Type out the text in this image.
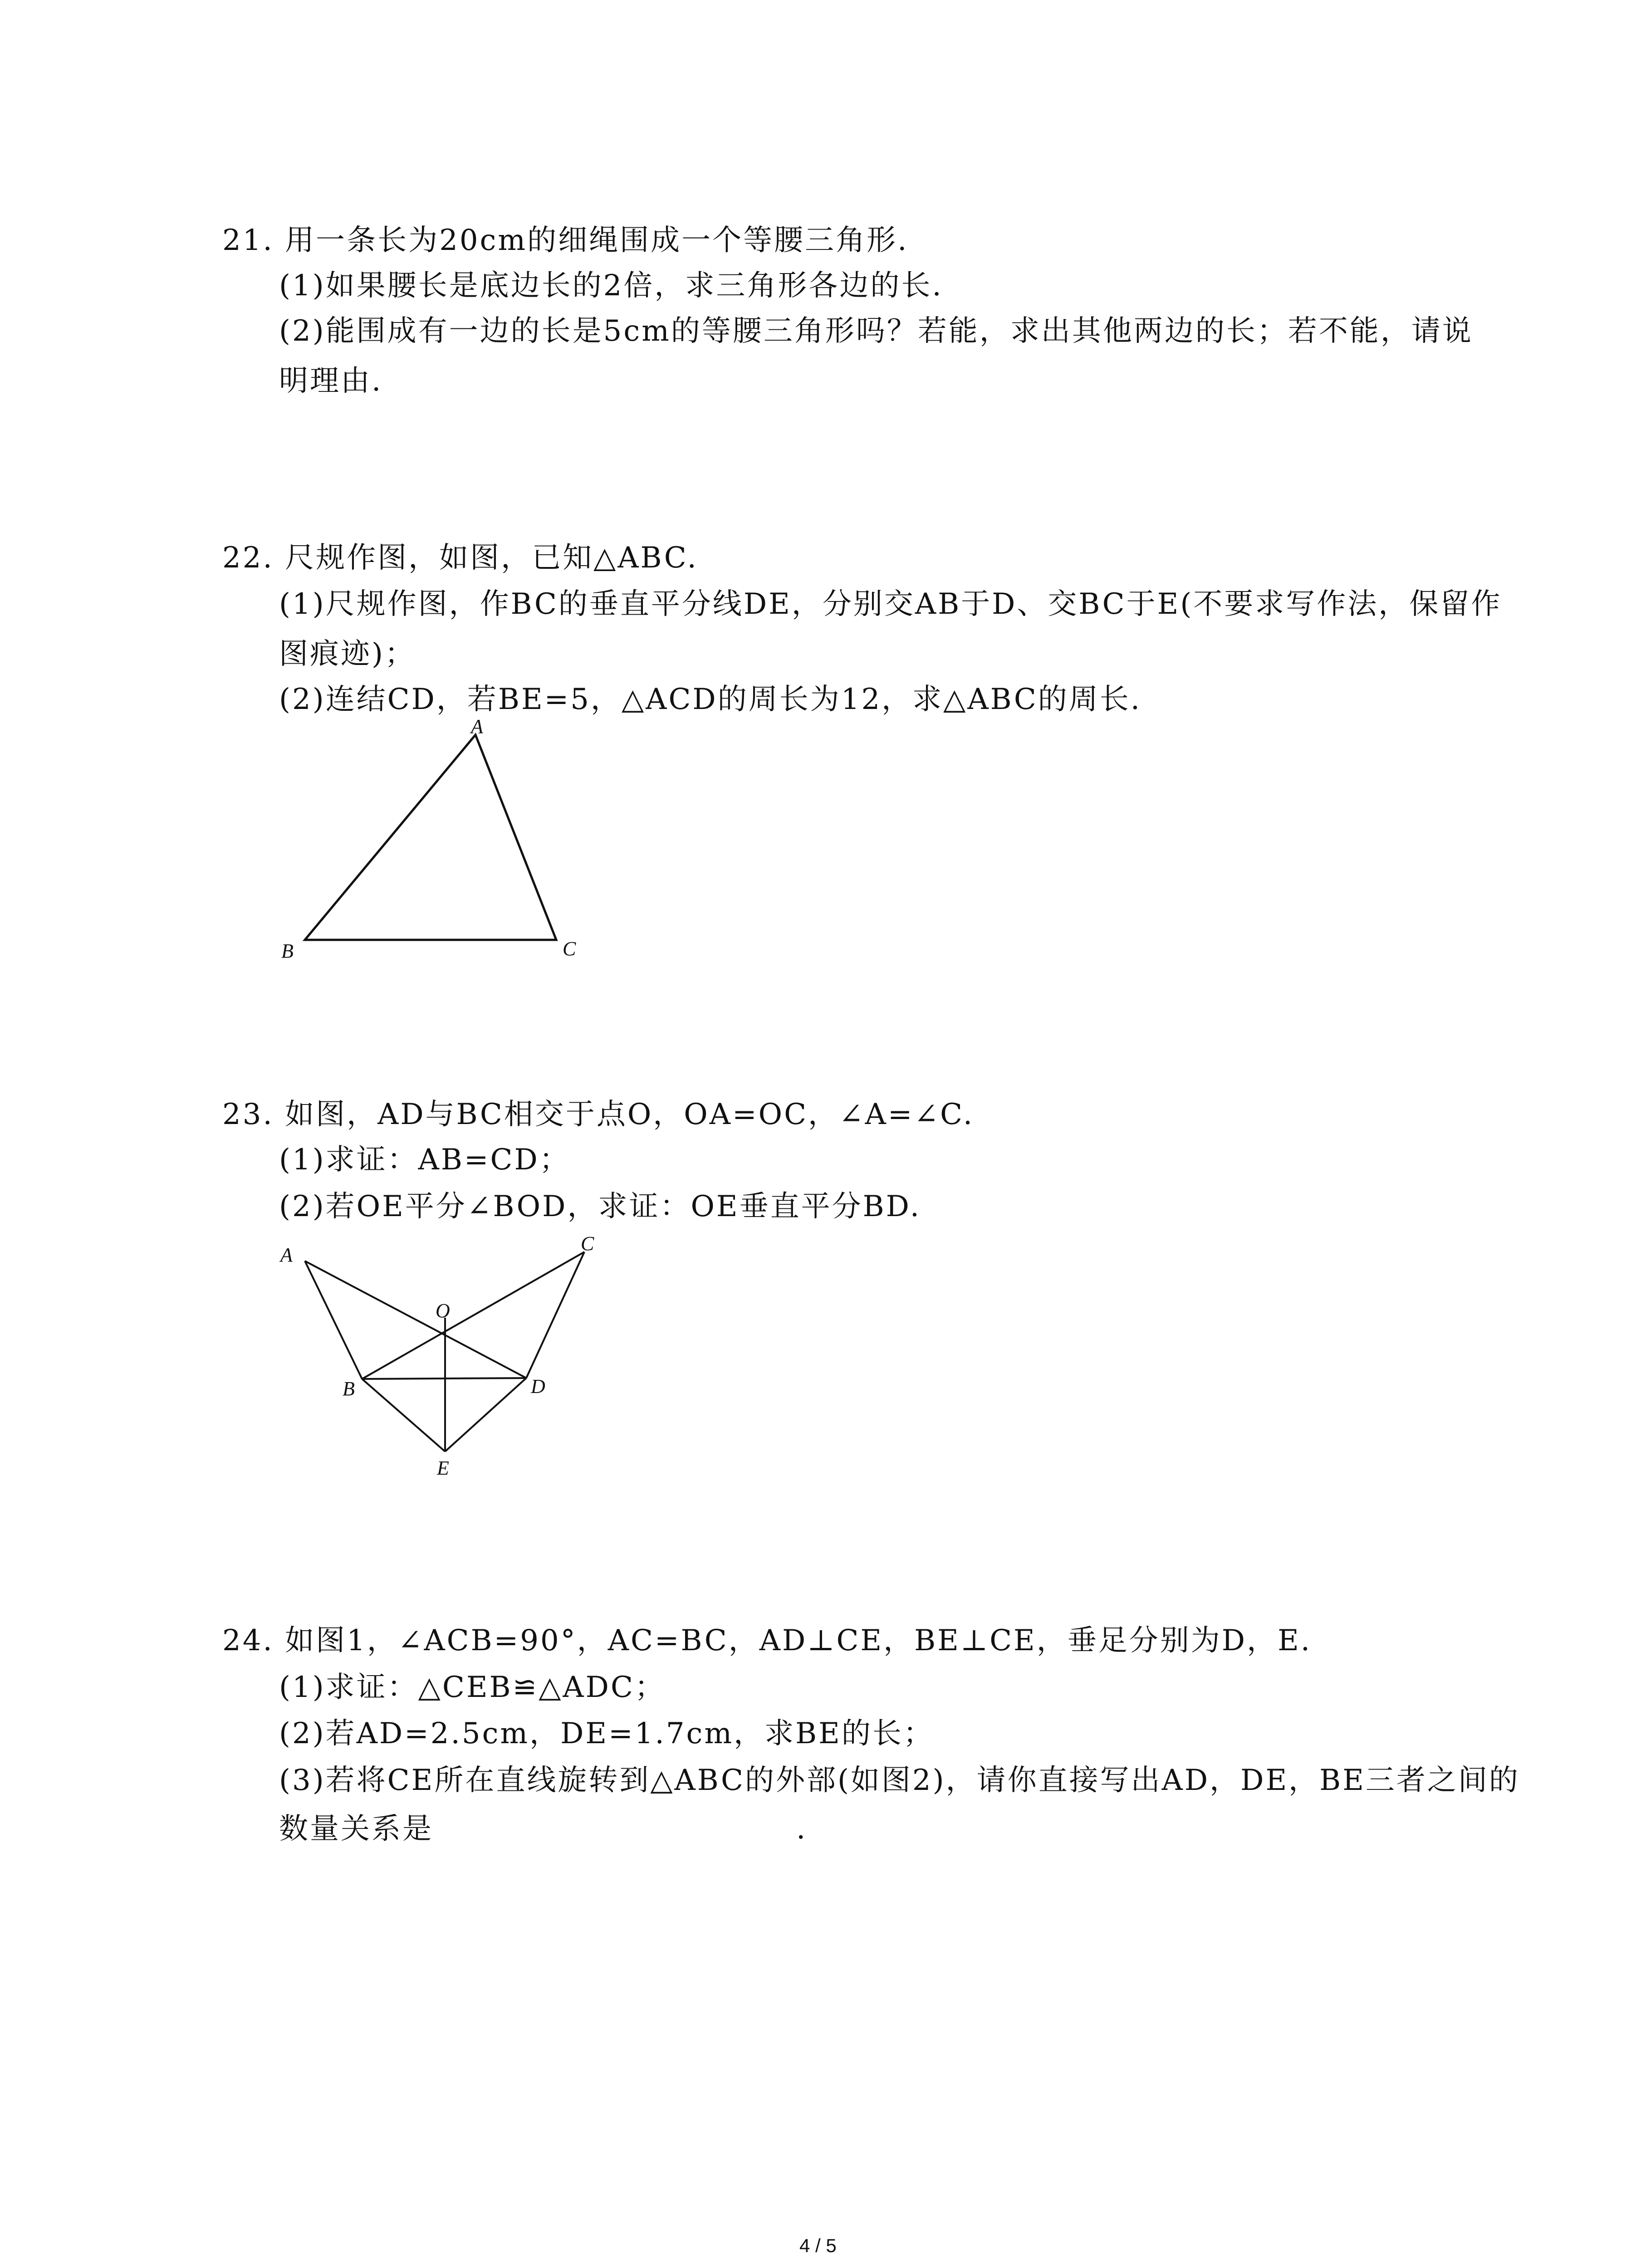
21. 用一条长为20cm的细绳围成一个等腰三角形.
(1)如果腰长是底边长的2倍，求三角形各边的长.
(2)能围成有一边的长是5cm的等腰三角形吗？若能，求出其他两边的长；若不能，请说
明理由.
22. 尺规作图，如图，已知△ABC.
(1)尺规作图，作BC的垂直平分线DE，分别交AB于D、交BC于E(不要求写作法，保留作
图痕迹)；
(2)连结CD，若BE=5，△ACD的周长为12，求△ABC的周长.
A
B	C
23. 如图，AD与BC相交于点O，OA=OC，∠A=∠C.
(1)求证：AB=CD；
(2)若OE平分∠BOD，求证：OE垂直平分BD.
A
C
O
B	D
E
24. 如图1，∠ACB=90°，AC=BC，AD⊥CE，BE⊥CE，垂足分别为D，E.
(1)求证：△CEB≌△ADC；
(2)若AD=2.5cm，DE=1.7cm，求BE的长；
(3)若将CE所在直线旋转到△ABC的外部(如图2)，请你直接写出AD，DE，BE三者之间的
数量关系是	.
4 / 5
